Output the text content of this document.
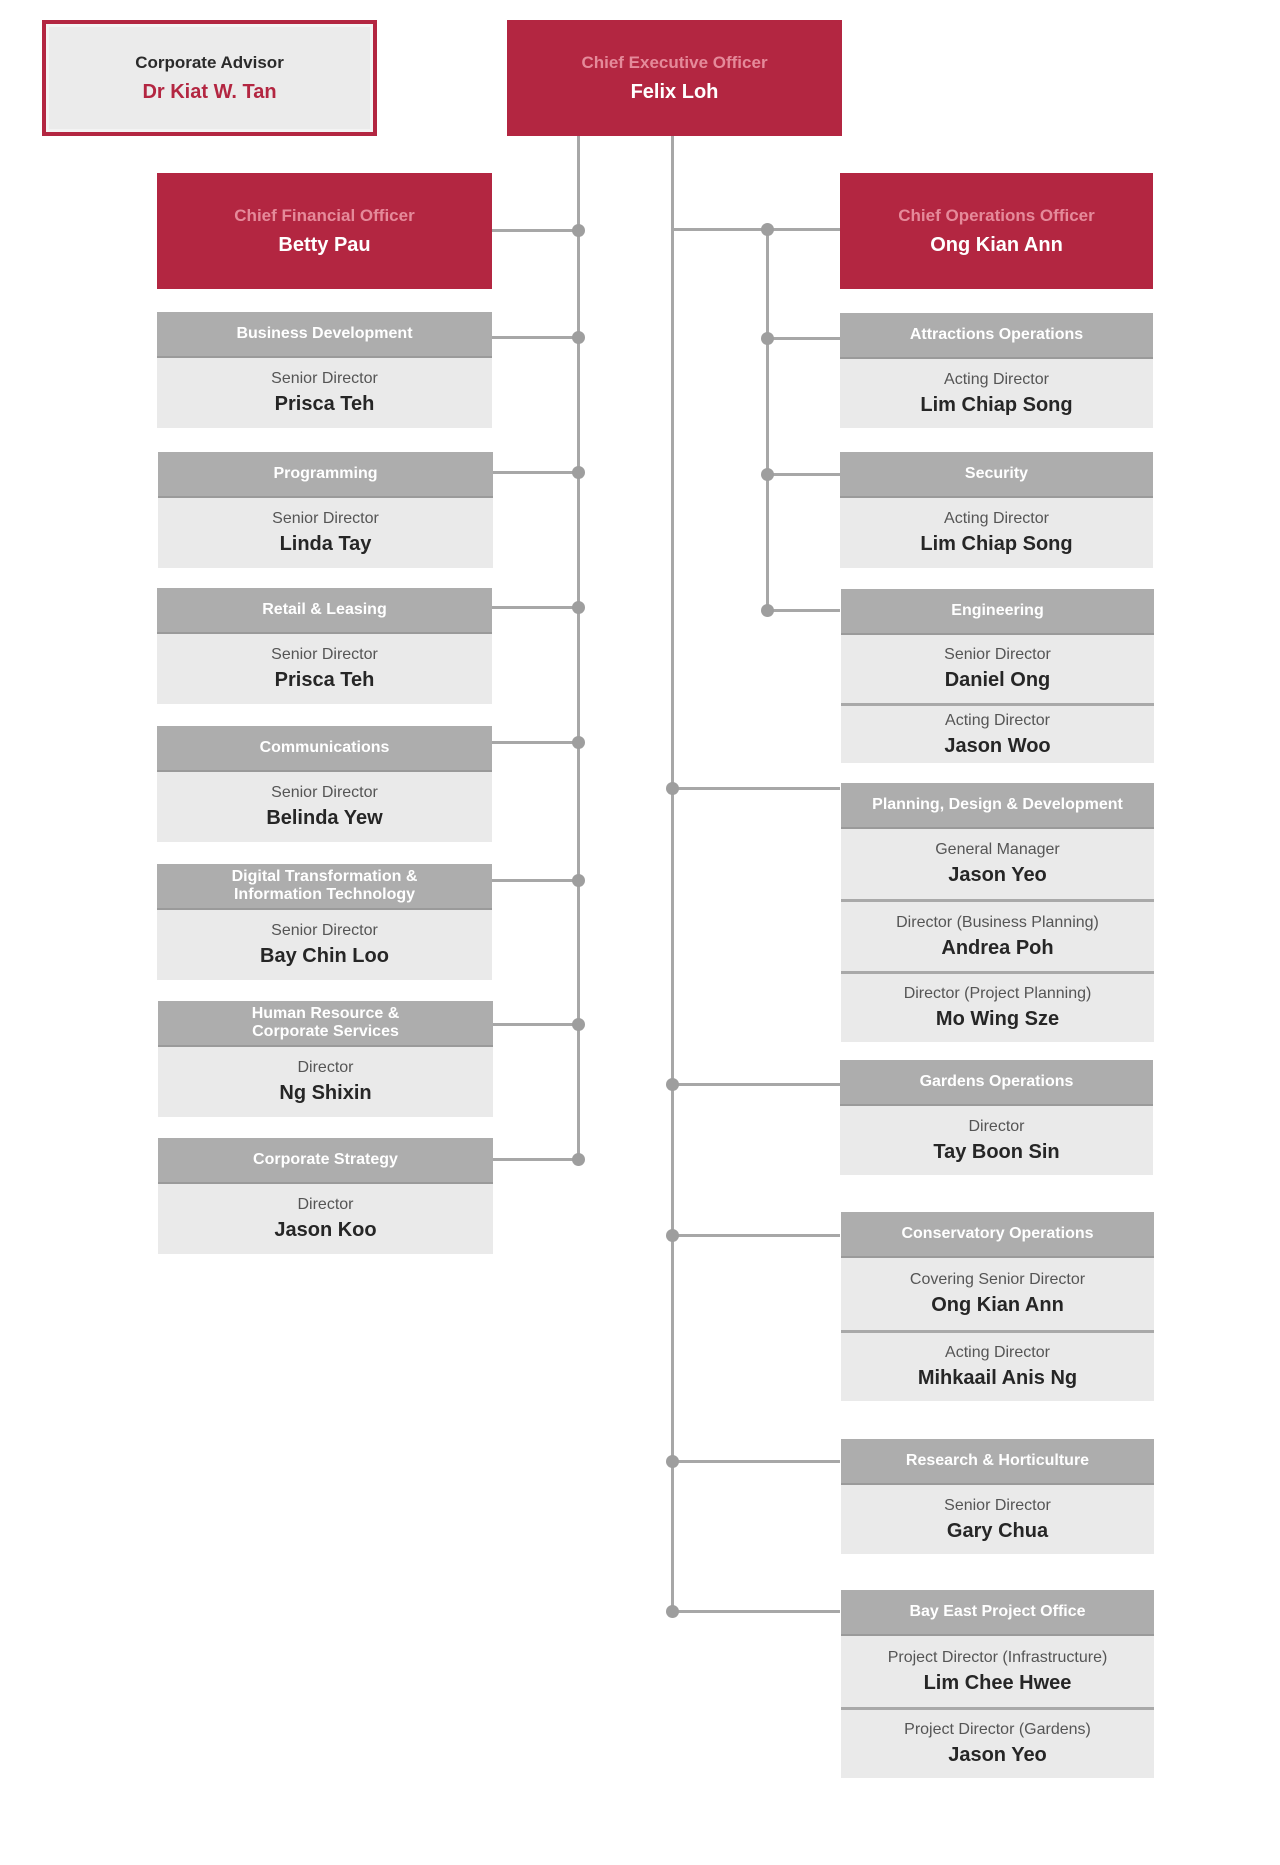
Corporate Advisor
Dr Kiat W. Tan
Chief Executive Officer
Felix Loh
Chief Financial Officer
Betty Pau
Chief Operations Officer
Ong Kian Ann
Business Development
Senior Director
Prisca Teh
Programming
Senior Director
Linda Tay
Retail & Leasing
Senior Director
Prisca Teh
Communications
Senior Director
Belinda Yew
Digital Transformation & Information Technology
Senior Director
Bay Chin Loo
Human Resource & Corporate Services
Director
Ng Shixin
Corporate Strategy
Director
Jason Koo
Attractions Operations
Acting Director
Lim Chiap Song
Security
Acting Director
Lim Chiap Song
Engineering
Senior Director
Daniel Ong
Acting Director
Jason Woo
Planning, Design & Development
General Manager
Jason Yeo
Director (Business Planning)
Andrea Poh
Director (Project Planning)
Mo Wing Sze
Gardens Operations
Director
Tay Boon Sin
Conservatory Operations
Covering Senior Director
Ong Kian Ann
Acting Director
Mihkaail Anis Ng
Research & Horticulture
Senior Director
Gary Chua
Bay East Project Office
Project Director (Infrastructure)
Lim Chee Hwee
Project Director (Gardens)
Jason Yeo
